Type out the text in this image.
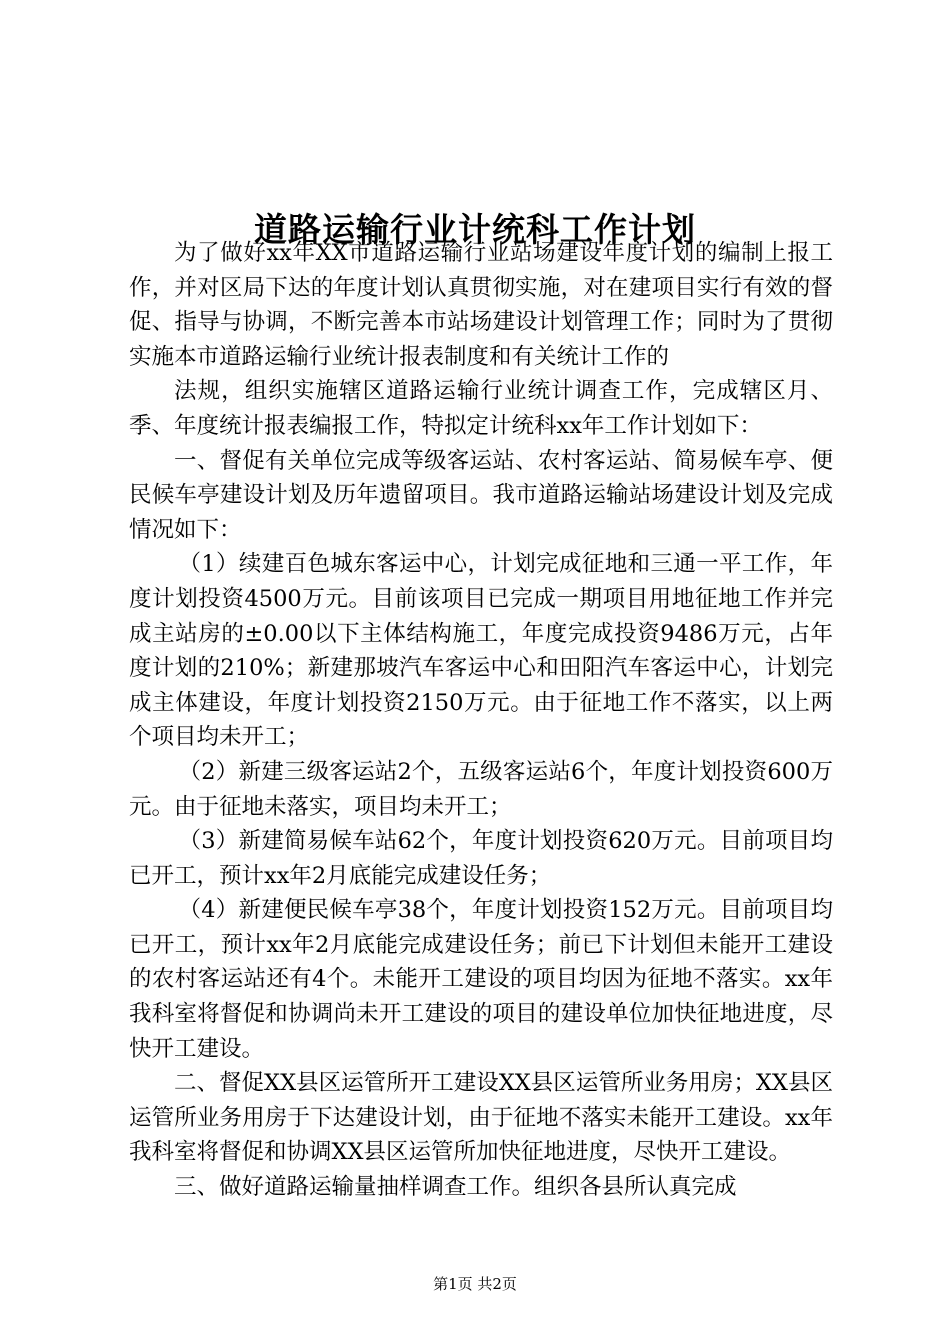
道路运输行业计统科工作计划

为了做好xx年XX市道路运输行业站场建设年度计划的编制上报工作，并对区局下达的年度计划认真贯彻实施，对在建项目实行有效的督促、指导与协调，不断完善本市站场建设计划管理工作；同时为了贯彻实施本市道路运输行业统计报表制度和有关统计工作的

法规，组织实施辖区道路运输行业统计调查工作，完成辖区月、季、年度统计报表编报工作，特拟定计统科xx年工作计划如下：

一、督促有关单位完成等级客运站、农村客运站、简易候车亭、便民候车亭建设计划及历年遗留项目。我市道路运输站场建设计划及完成情况如下：

（1）续建百色城东客运中心，计划完成征地和三通一平工作，年度计划投资4500万元。目前该项目已完成一期项目用地征地工作并完成主站房的±0.00以下主体结构施工，年度完成投资9486万元，占年度计划的210%；新建那坡汽车客运中心和田阳汽车客运中心，计划完成主体建设，年度计划投资2150万元。由于征地工作不落实，以上两个项目均未开工；

（2）新建三级客运站2个，五级客运站6个，年度计划投资600万元。由于征地未落实，项目均未开工；

（3）新建简易候车站62个，年度计划投资620万元。目前项目均已开工，预计xx年2月底能完成建设任务；

（4）新建便民候车亭38个，年度计划投资152万元。目前项目均已开工，预计xx年2月底能完成建设任务；前已下计划但未能开工建设的农村客运站还有4个。未能开工建设的项目均因为征地不落实。xx年我科室将督促和协调尚未开工建设的项目的建设单位加快征地进度，尽快开工建设。

二、督促XX县区运管所开工建设XX县区运管所业务用房；XX县区运管所业务用房于下达建设计划，由于征地不落实未能开工建设。xx年我科室将督促和协调XX县区运管所加快征地进度，尽快开工建设。

三、做好道路运输量抽样调查工作。组织各县所认真完成

第1页 共2页
